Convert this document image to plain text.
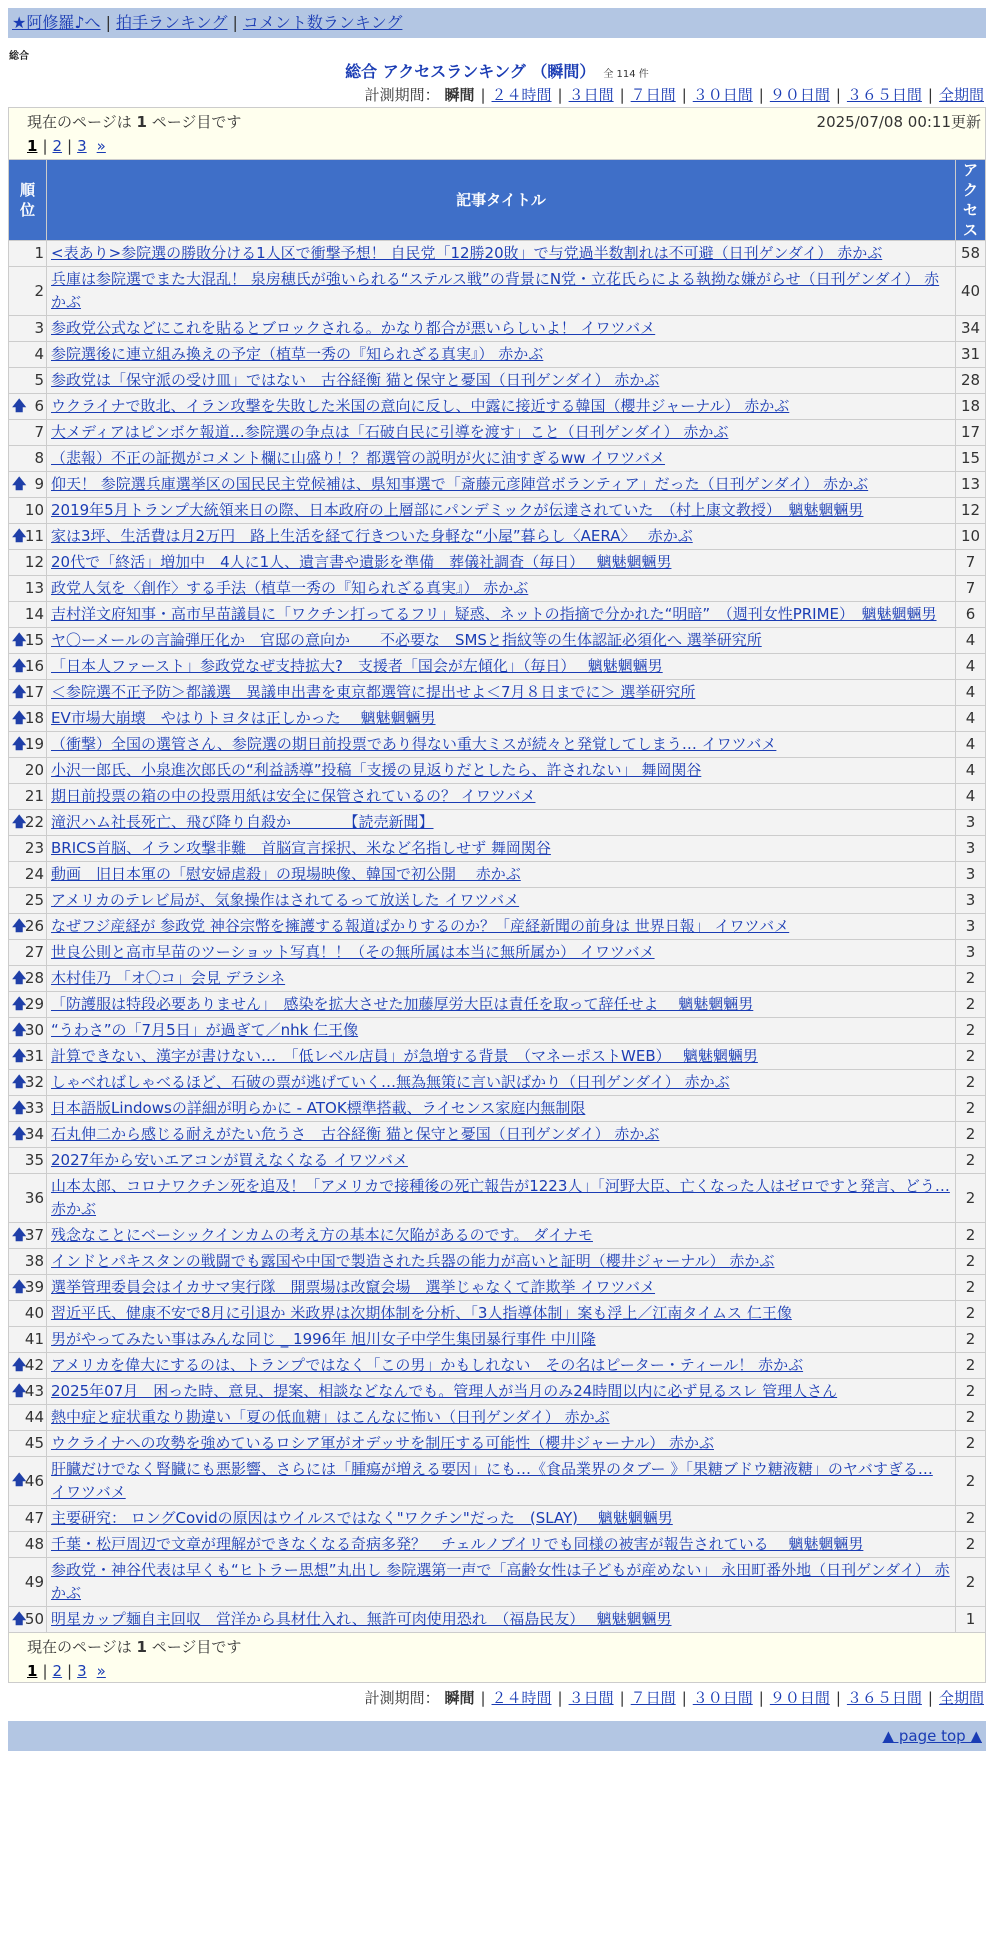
★阿修羅♪へ | 拍手ランキング | コメント数ランキング
総合
総合 アクセスランキング （瞬間） 全 114 件
計測期間： 瞬間 | ２４時間 | ３日間 | ７日間 | ３０日間 | ９０日間 | ３６５日間 | 全期間
現在のページは 1 ページ目です	2025/07/08 00:11更新
1 | 2 | 3 »
順位	記事タイトル	アクセス
1	<表あり>参院選の勝敗分ける1人区で衝撃予想！ 自民党「12勝20敗」で与党過半数割れは不可避（日刊ゲンダイ） 赤かぶ	58
2	兵庫は参院選でまた大混乱！ 泉房穂氏が強いられる“ステルス戦”の背景にN党・立花氏らによる執拗な嫌がらせ（日刊ゲンダイ） 赤かぶ	40
3	参政党公式などにこれを貼るとブロックされる。かなり都合が悪いらしいよ！ イワツバメ	34
4	参院選後に連立組み換えの予定（植草一秀の『知られざる真実』） 赤かぶ	31
5	参政党は「保守派の受け皿」ではない　古谷経衡 猫と保守と憂国（日刊ゲンダイ） 赤かぶ	28

🡅 6	ウクライナで敗北、イラン攻撃を失敗した米国の意向に反し、中露に接近する韓国（櫻井ジャーナル） 赤かぶ	18
7	大メディアはピンボケ報道…参院選の争点は「石破自民に引導を渡す」こと（日刊ゲンダイ） 赤かぶ	17
8	（悲報）不正の証拠がコメント欄に山盛り！？都選管の説明が火に油すぎるww イワツバメ	15

🡅 9	仰天！ 参院選兵庫選挙区の国民民主党候補は、県知事選で「斎藤元彦陣営ボランティア」だった（日刊ゲンダイ） 赤かぶ	13
10	2019年5月トランプ大統領来日の際、日本政府の上層部にパンデミックが伝達されていた　（村上康文教授）　魑魅魍魎男	12

🡅
11	家は3坪、生活費は月2万円　路上生活を経て行きついた身軽な“小屋”暮らし〈AERA〉　 赤かぶ	10
12	20代で「終活」増加中　4人に1人、遺言書や遺影を準備　葬儀社調査（毎日）　 魑魅魍魎男	7
13	政党人気を〈創作〉する手法（植草一秀の『知られざる真実』） 赤かぶ	7
14	吉村洋文府知事・高市早苗議員に「ワクチン打ってるフリ」疑惑、ネットの指摘で分かれた“明暗”　（週刊女性PRIME）　魑魅魍魎男	6

🡅
15	ヤ〇ーメールの言論弾圧化か　官邸の意向か　　不必要な　SMSと指紋等の生体認証必須化へ 選挙研究所	4

🡅
16	「日本人ファースト」参政党なぜ支持拡大?　支援者「国会が左傾化」（毎日）　 魑魅魍魎男	4

🡅
17	＜参院選不正予防＞都議選　異議申出書を東京都選管に提出せよ＜7月８日までに＞ 選挙研究所	4

🡅
18	EV市場大崩壊　やはりトヨタは正しかった　 魑魅魍魎男	4

🡅
19	（衝撃）全国の選管さん、参院選の期日前投票であり得ない重大ミスが続々と発覚してしまう… イワツバメ	4
20	小沢一郎氏、小泉進次郎氏の“利益誘導”投稿「支援の見返りだとしたら、許されない」 舞岡関谷	4
21	期日前投票の箱の中の投票用紙は安全に保管されているの？ イワツバメ	4

🡅
22	滝沢ハム社長死亡、飛び降り自殺か　　　　【読売新聞】	3
23	BRICS首脳、イラン攻撃非難　首脳宣言採択、米など名指しせず 舞岡関谷	3
24	動画　旧日本軍の「慰安婦虐殺」の現場映像、韓国で初公開　 赤かぶ	3
25	アメリカのテレビ局が、気象操作はされてるって放送した イワツバメ	3

🡅
26	なぜフジ産経が 参政党 神谷宗幣を擁護する報道ばかりするのか？「産経新聞の前身は 世界日報」 イワツバメ	3
27	世良公則と高市早苗のツーショット写真！！（その無所属は本当に無所属か） イワツバメ	3

🡅
28	木村佳乃 「オ〇コ」会見 デラシネ	2

🡅
29	「防護服は特段必要ありません」　感染を拡大させた加藤厚労大臣は責任を取って辞任せよ　 魑魅魍魎男	2

🡅
30	“うわさ”の「7月5日」が過ぎて／nhk 仁王像	2

🡅
31	計算できない、漢字が書けない…　「低レベル店員」が急増する背景　（マネーポストWEB）　 魑魅魍魎男	2

🡅
32	しゃべればしゃべるほど、石破の票が逃げていく…無為無策に言い訳ばかり（日刊ゲンダイ） 赤かぶ	2

🡅
33	日本語版Lindowsの詳細が明らかに - ATOK標準搭載、ライセンス家庭内無制限	2

🡅
34	石丸伸二から感じる耐えがたい危うさ　古谷経衡 猫と保守と憂国（日刊ゲンダイ） 赤かぶ	2
35	2027年から安いエアコンが買えなくなる イワツバメ	2
36	山本太郎、コロナワクチン死を追及！「アメリカで接種後の死亡報告が1223人」「河野大臣、亡くなった人はゼロですと発言、どう… 赤かぶ	2

🡅
37	残念なことにベーシックインカムの考え方の基本に欠陥があるのです。 ダイナモ	2
38	インドとパキスタンの戦闘でも露国や中国で製造された兵器の能力が高いと証明（櫻井ジャーナル） 赤かぶ	2

🡅
39	選挙管理委員会はイカサマ実行隊　開票場は改竄会場　選挙じゃなくて詐欺挙 イワツバメ	2
40	習近平氏、健康不安で8月に引退か 米政界は次期体制を分析、「3人指導体制」案も浮上／江南タイムス 仁王像	2
41	男がやってみたい事はみんな同じ _ 1996年 旭川女子中学生集団暴行事件 中川隆	2

🡅
42	アメリカを偉大にするのは、トランプではなく「この男」かもしれない　その名はピーター・ティール！ 赤かぶ	2

🡅
43	2025年07月　困った時、意見、提案、相談などなんでも。管理人が当月のみ24時間以内に必ず見るスレ 管理人さん	2
44	熱中症と症状重なり勘違い「夏の低血糖」はこんなに怖い（日刊ゲンダイ） 赤かぶ	2
45	ウクライナへの攻勢を強めているロシア軍がオデッサを制圧する可能性（櫻井ジャーナル） 赤かぶ	2

🡅
46	肝臓だけでなく腎臓にも悪影響、さらには「腫瘍が増える要因」にも…《食品業界のタブー 》「果糖ブドウ糖液糖」のヤバすぎる… イワツバメ	2
47	主要研究： ロングCovidの原因はウイルスではなく"ワクチン"だった　(SLAY)　 魑魅魍魎男	2
48	千葉・松戸周辺で文章が理解ができなくなる奇病多発？　チェルノブイリでも同様の被害が報告されている　 魑魅魍魎男	2
49	参政党・神谷代表は早くも“ヒトラー思想”丸出し 参院選第一声で「高齢女性は子どもが産めない」 永田町番外地（日刊ゲンダイ） 赤かぶ	2

🡅
50	明星カップ麺自主回収　営洋から具材仕入れ、無許可肉使用恐れ　（福島民友）　 魑魅魍魎男	1
現在のページは 1 ページ目です
1 | 2 | 3 »
計測期間： 瞬間 | ２４時間 | ３日間 | ７日間 | ３０日間 | ９０日間 | ３６５日間 | 全期間
▲ page top ▲
